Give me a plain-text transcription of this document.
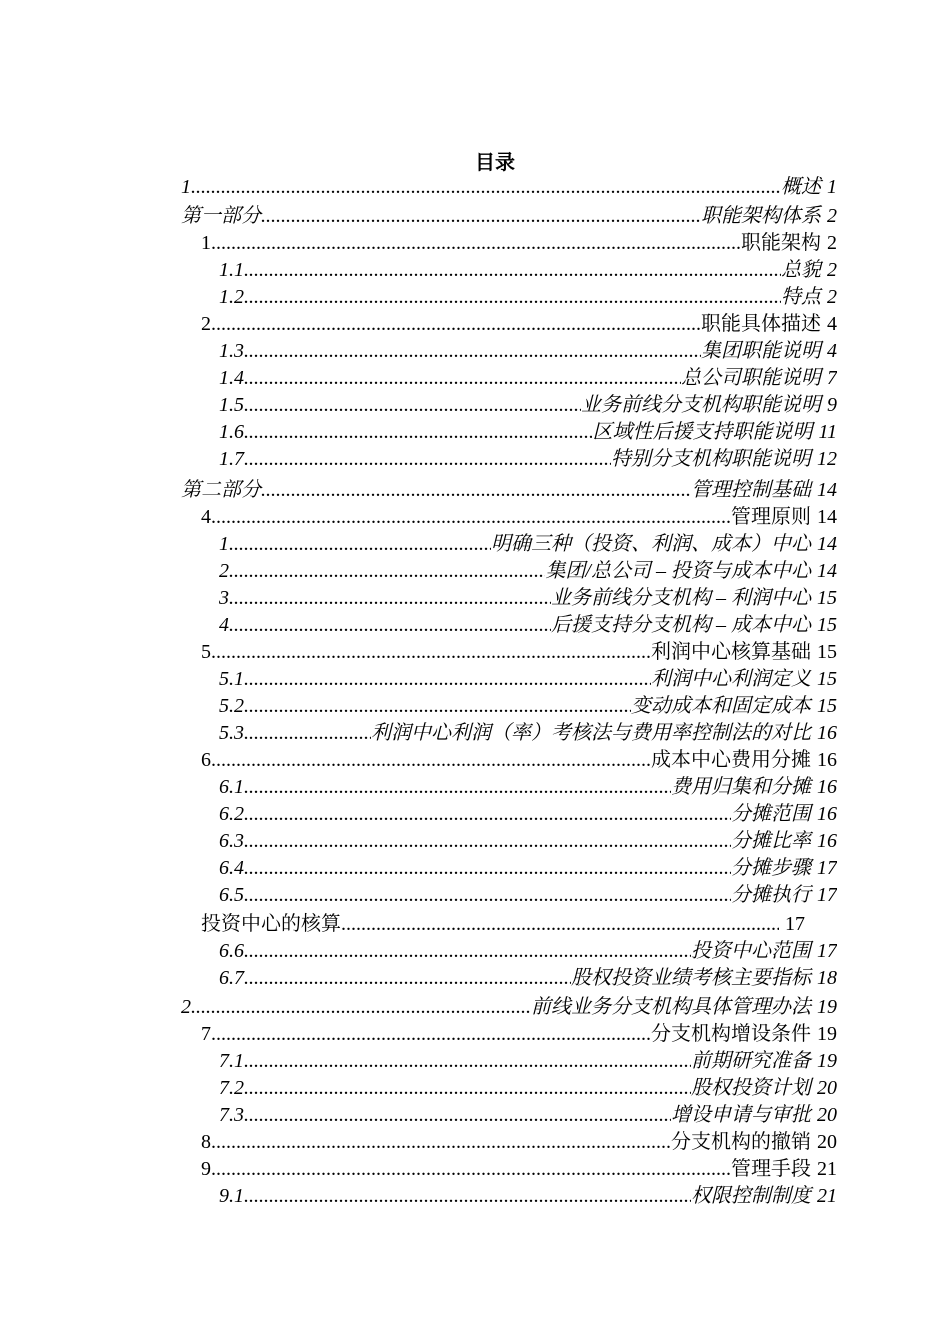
目录
1 .....	概述 1
第一部分 .....	职能架构体系 2
1 .....	职能架构 2
1.1 .....	总貌 2
1.2 .....	特点 2
2 .....	职能具体描述 4
1.3 .....	集团职能说明 4
1.4 .....	总公司职能说明 7
1.5 .....	业务前线分支机构职能说明 9
1.6 .....	区域性后援支持职能说明 11
1.7 .....	特别分支机构职能说明 12
第二部分 .....	管理控制基础 14
4 .....	管理原则 14
1 .....	明确三种（投资、利润、成本）中心 14
2 .....	集团/总公司 – 投资与成本中心 14
3 .....	业务前线分支机构 – 利润中心 15
4 .....	后援支持分支机构 – 成本中心 15
5 .....	利润中心核算基础 15
5.1 .....	利润中心利润定义 15
5.2 .....	变动成本和固定成本 15
5.3 .....	利润中心利润（率）考核法与费用率控制法的对比 16
6 .....	成本中心费用分摊 16
6.1 .....	费用归集和分摊 16
6.2 .....	分摊范围 16
6.3 .....	分摊比率 16
6.4 .....	分摊步骤 17
6.5 .....	分摊执行 17
投资中心的核算 .....	17
6.6 .....	投资中心范围 17
6.7 .....	股权投资业绩考核主要指标 18
2 .....	前线业务分支机构具体管理办法 19
7 .....	分支机构增设条件 19
7.1 .....	前期研究准备 19
7.2 .....	股权投资计划 20
7.3 .....	增设申请与审批 20
8 .....	分支机构的撤销 20
9 .....	管理手段 21
9.1 .....	权限控制制度 21
